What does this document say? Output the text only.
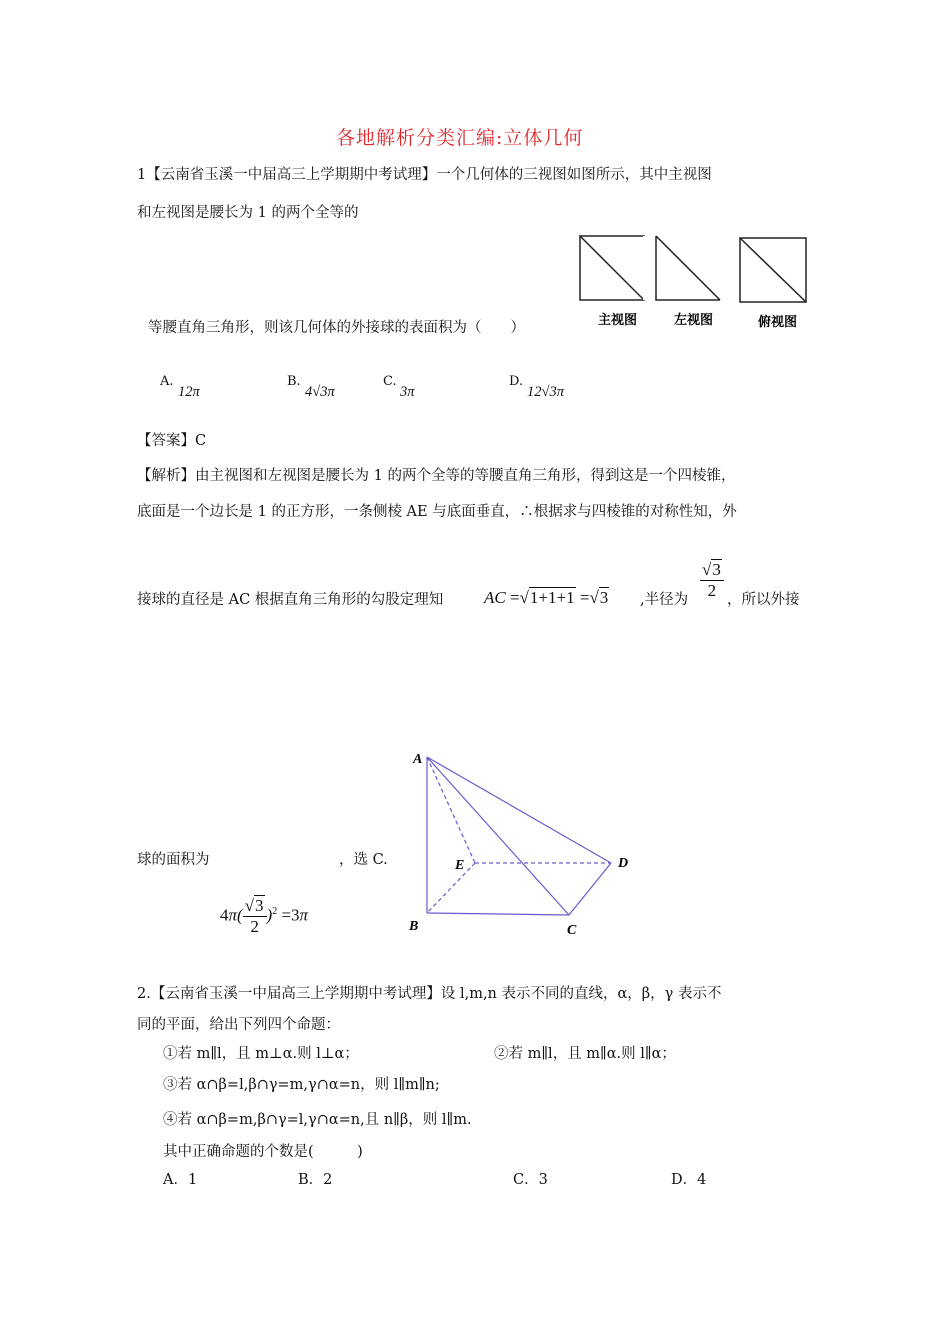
各地解析分类汇编:立体几何
1【云南省玉溪一中届高三上学期期中考试理】一个几何体的三视图如图所示，其中主视图
和左视图是腰长为 1 的两个全等的
等腰直角三角形，则该几何体的外接球的表面积为（　　）
主视图	左视图	俯视图
A.
12π
B.
4√3π
C.
3π
D.
12√3π
【答案】C
【解析】由主视图和左视图是腰长为 1 的两个全等的等腰直角三角形，得到这是一个四棱锥，
底面是一个边长是 1 的正方形，一条侧棱 AE 与底面垂直，∴根据求与四棱锥的对称性知，外
接球的直径是 AC 根据直角三角形的勾股定理知 AC =√1+1+1 =√3 ,半径为 $\frac{√3}{2}$ ，所以外接
球的面积为	，选 C.
$4\pi( \frac{√3}{2} )^2 =3\pi$
A
B	C
D
E
2.【云南省玉溪一中届高三上学期期中考试理】设 l,m,n 表示不同的直线，α，β，γ 表示不
同的平面，给出下列四个命题：
①若 m∥l，且 m⊥α.则 l⊥α；	②若 m∥l，且 m∥α.则 l∥α；
③若 α∩β=l,β∩γ=m,γ∩α=n，则 l∥m∥n;
④若 α∩β=m,β∩γ=l,γ∩α=n,且 n∥β，则 l∥m.
其中正确命题的个数是(　　　)
A．1	B．2	C．3	D．4
